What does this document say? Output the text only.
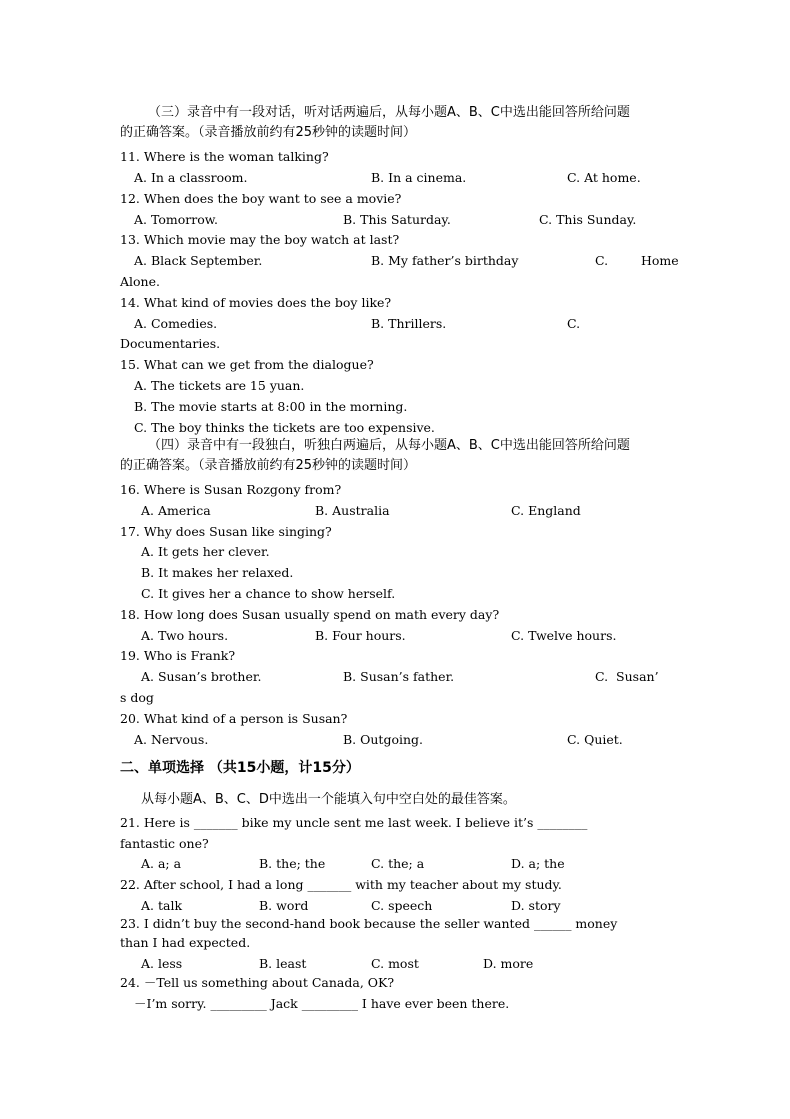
（三）录音中有一段对话，听对话两遍后，从每小题A、B、C中选出能回答所给问题
的正确答案。（录音播放前约有25秒钟的读题时间）
11. Where is the woman talking?
A. In a classroom.	B. In a cinema.	C. At home.
12. When does the boy want to see a movie?
A. Tomorrow.	B. This Saturday.	C. This Sunday.
13. Which movie may the boy watch at last?
A. Black September.	B. My father’s birthday	C.	Home
Alone.
14. What kind of movies does the boy like?
A. Comedies.	B. Thrillers.	C.
Documentaries.
15. What can we get from the dialogue?
A. The tickets are 15 yuan.
B. The movie starts at 8:00 in the morning.
C. The boy thinks the tickets are too expensive.
（四）录音中有一段独白，听独白两遍后，从每小题A、B、C中选出能回答所给问题
的正确答案。（录音播放前约有25秒钟的读题时间）
16. Where is Susan Rozgony from?
A. America	B. Australia	C. England
17. Why does Susan like singing?
A. It gets her clever.
B. It makes her relaxed.
C. It gives her a chance to show herself.
18. How long does Susan usually spend on math every day?
A. Two hours.	B. Four hours.	C. Twelve hours.
19. Who is Frank?
A. Susan’s brother.	B. Susan’s father.	C.  Susan’
s dog
20. What kind of a person is Susan?
A. Nervous.	B. Outgoing.	C. Quiet.
二、单项选择 （共15小题，计15分）
从每小题A、B、C、D中选出一个能填入句中空白处的最佳答案。
21. Here is _______ bike my uncle sent me last week. I believe it’s ________
fantastic one?
A. a; a	B. the; the	C. the; a	D. a; the
22. After school, I had a long _______ with my teacher about my study.
A. talk	B. word	C. speech	D. story
23. I didn’t buy the second-hand book because the seller wanted ______ money
than I had expected.
A. less	B. least	C. most	D. more
24. －Tell us something about Canada, OK?
－I’m sorry. _________ Jack _________ I have ever been there.
